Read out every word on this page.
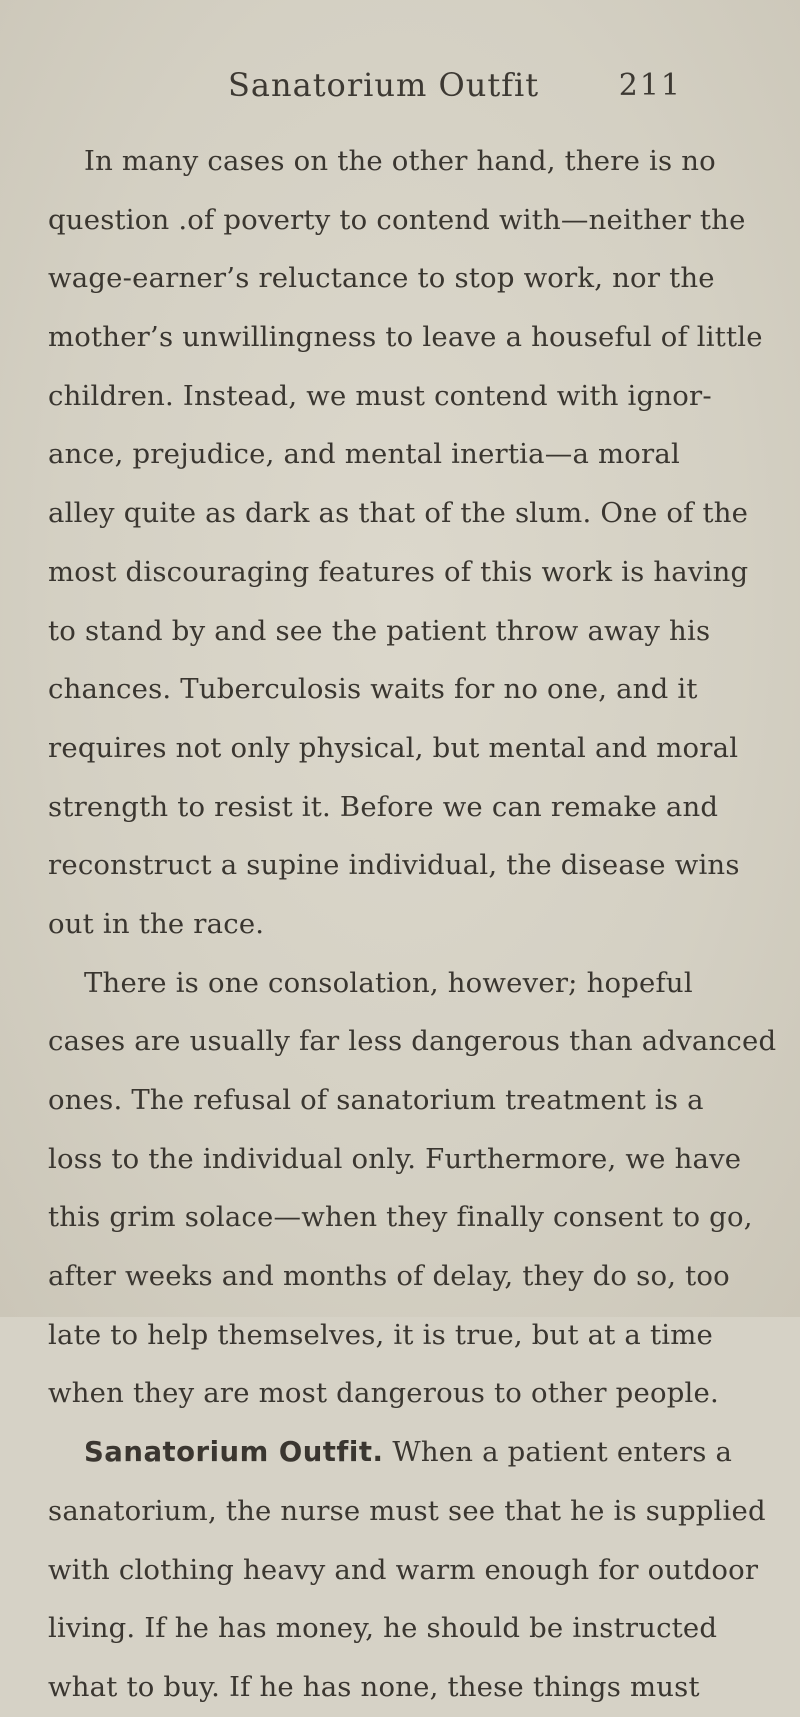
Sanatorium Outfit	211
In many cases on the other hand, there is no
question .of poverty to contend with—neither the
wage-earner’s reluctance to stop work, nor the
mother’s unwillingness to leave a houseful of little
children. Instead, we must contend with ignor-
ance, prejudice, and mental inertia—a moral
alley quite as dark as that of the slum. One of the
most discouraging features of this work is having
to stand by and see the patient throw away his
chances. Tuberculosis waits for no one, and it
requires not only physical, but mental and moral
strength to resist it. Before we can remake and
reconstruct a supine individual, the disease wins
out in the race.
There is one consolation, however; hopeful
cases are usually far less dangerous than advanced
ones. The refusal of sanatorium treatment is a
loss to the individual only. Furthermore, we have
this grim solace—when they finally consent to go,
after weeks and months of delay, they do so, too
late to help themselves, it is true, but at a time
when they are most dangerous to other people.
Sanatorium Outfit. When a patient enters a
sanatorium, the nurse must see that he is supplied
with clothing heavy and warm enough for outdoor
living. If he has money, he should be instructed
what to buy. If he has none, these things must
